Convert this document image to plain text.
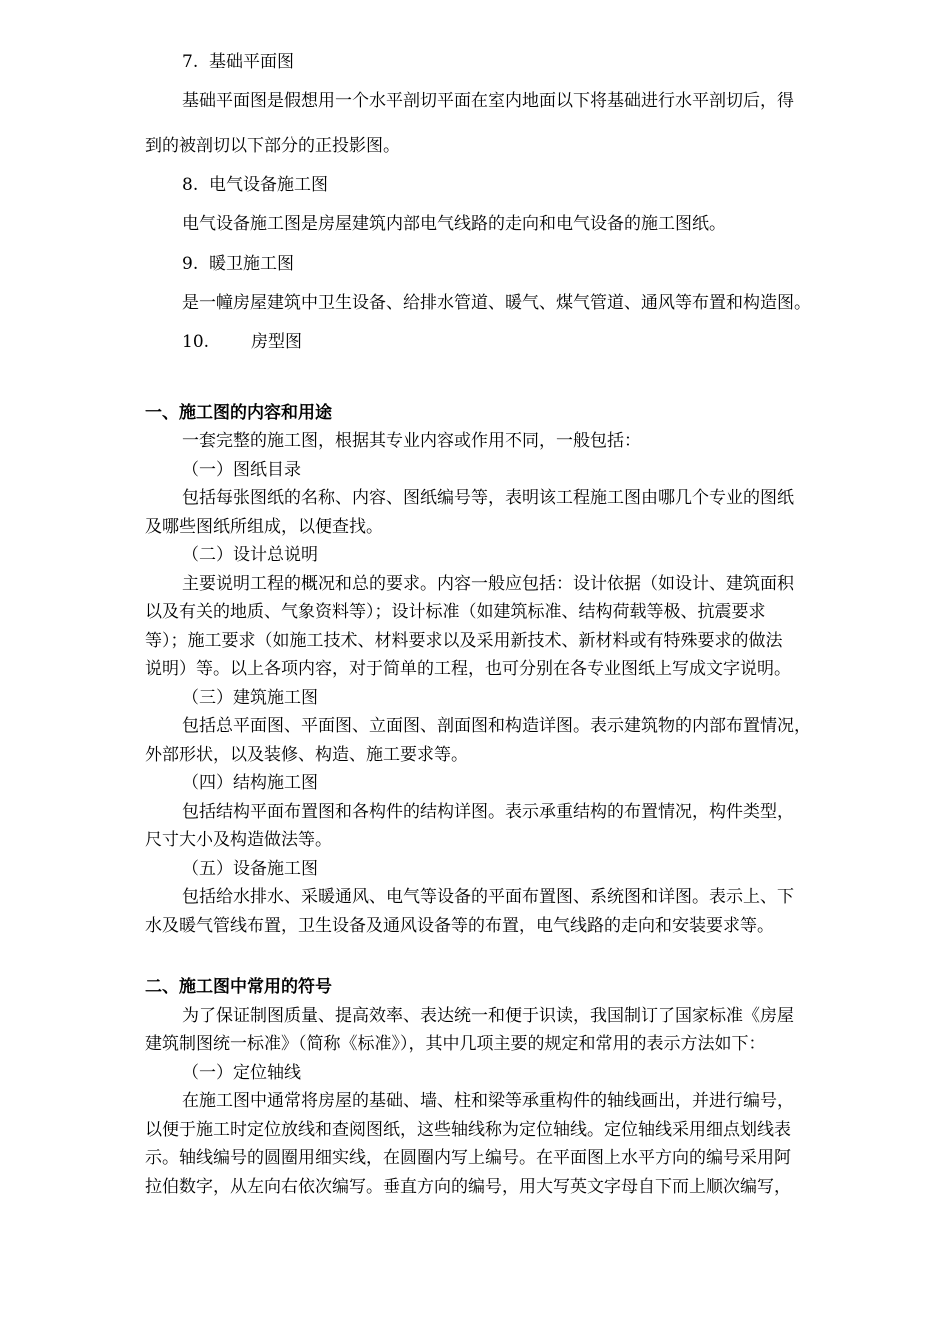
7. 基础平面图

基础平面图是假想用一个水平剖切平面在室内地面以下将基础进行水平剖切后，得

到的被剖切以下部分的正投影图。

8. 电气设备施工图

电气设备施工图是房屋建筑内部电气线路的走向和电气设备的施工图纸。

9. 暖卫施工图

是一幢房屋建筑中卫生设备、给排水管道、暖气、煤气管道、通风等布置和构造图。

10. 房型图

一、施工图的内容和用途

一套完整的施工图，根据其专业内容或作用不同，一般包括：

（一）图纸目录

包括每张图纸的名称、内容、图纸编号等，表明该工程施工图由哪几个专业的图纸

及哪些图纸所组成，以便查找。

（二）设计总说明

主要说明工程的概况和总的要求。内容一般应包括：设计依据（如设计、建筑面积

以及有关的地质、气象资料等）；设计标准（如建筑标准、结构荷载等极、抗震要求

等）；施工要求（如施工技术、材料要求以及采用新技术、新材料或有特殊要求的做法

说明）等。以上各项内容，对于简单的工程，也可分别在各专业图纸上写成文字说明。

（三）建筑施工图

包括总平面图、平面图、立面图、剖面图和构造详图。表示建筑物的内部布置情况，

外部形状，以及装修、构造、施工要求等。

（四）结构施工图

包括结构平面布置图和各构件的结构详图。表示承重结构的布置情况，构件类型，

尺寸大小及构造做法等。

（五）设备施工图

包括给水排水、采暖通风、电气等设备的平面布置图、系统图和详图。表示上、下

水及暖气管线布置，卫生设备及通风设备等的布置，电气线路的走向和安装要求等。

二、施工图中常用的符号

为了保证制图质量、提高效率、表达统一和便于识读，我国制订了国家标准《房屋

建筑制图统一标准》（简称《标准》），其中几项主要的规定和常用的表示方法如下：

（一）定位轴线

在施工图中通常将房屋的基础、墙、柱和梁等承重构件的轴线画出，并进行编号，

以便于施工时定位放线和查阅图纸，这些轴线称为定位轴线。定位轴线采用细点划线表

示。轴线编号的圆圈用细实线，在圆圈内写上编号。在平面图上水平方向的编号采用阿

拉伯数字，从左向右依次编写。垂直方向的编号，用大写英文字母自下而上顺次编写，
